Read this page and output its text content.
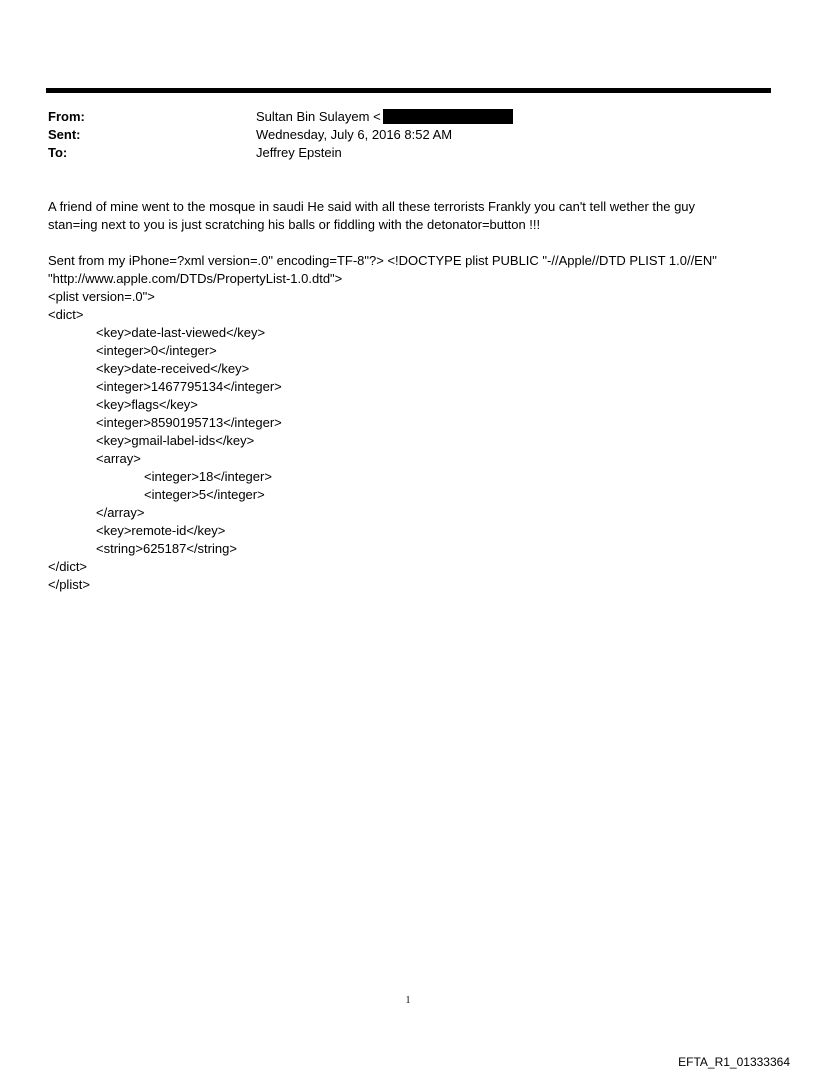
From:	Sultan Bin Sulayem <
Sent:	Wednesday, July 6, 2016 8:52 AM
To:	Jeffrey Epstein

A friend of mine went to the mosque in saudi He said with all these terrorists Frankly you can't tell wether the guy stan=ing next to you is just scratching his balls or fiddling with the detonator=button !!!

Sent from my iPhone=?xml version=.0" encoding=TF-8"?> <!DOCTYPE plist PUBLIC "-//Apple//DTD PLIST 1.0//EN"

"http://www.apple.com/DTDs/PropertyList-1.0.dtd">

<plist version=.0">
<dict>
<key>date-last-viewed</key>
<integer>0</integer>
<key>date-received</key>
<integer>1467795134</integer>
<key>flags</key>
<integer>8590195713</integer>
<key>gmail-label-ids</key>
<array>
<integer>18</integer>
<integer>5</integer>
</array>
<key>remote-id</key>
<string>625187</string>
</dict>
</plist>
1
EFTA_R1_01333364
